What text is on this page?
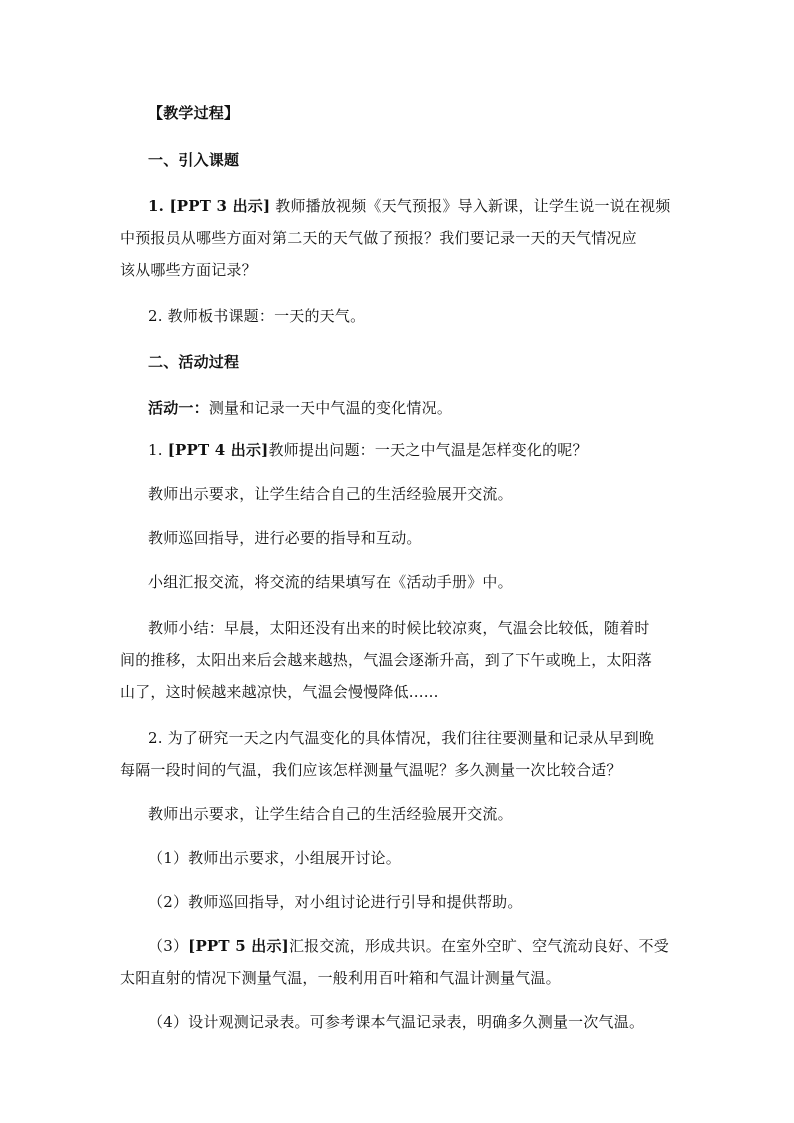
【教学过程】
一、引入课题
1. [PPT 3 出示] 教师播放视频《天气预报》导入新课，让学生说一说在视频
中预报员从哪些方面对第二天的天气做了预报？我们要记录一天的天气情况应
该从哪些方面记录？
2. 教师板书课题：一天的天气。
二、活动过程
活动一：测量和记录一天中气温的变化情况。
1. [PPT 4 出示]教师提出问题：一天之中气温是怎样变化的呢？
教师出示要求，让学生结合自己的生活经验展开交流。
教师巡回指导，进行必要的指导和互动。
小组汇报交流，将交流的结果填写在《活动手册》中。
教师小结：早晨，太阳还没有出来的时候比较凉爽，气温会比较低，随着时
间的推移，太阳出来后会越来越热，气温会逐渐升高，到了下午或晚上，太阳落
山了，这时候越来越凉快，气温会慢慢降低......
2. 为了研究一天之内气温变化的具体情况，我们往往要测量和记录从早到晚
每隔一段时间的气温，我们应该怎样测量气温呢？多久测量一次比较合适？
教师出示要求，让学生结合自己的生活经验展开交流。
（1）教师出示要求，小组展开讨论。
（2）教师巡回指导，对小组讨论进行引导和提供帮助。
（3）[PPT 5 出示]汇报交流，形成共识。在室外空旷、空气流动良好、不受
太阳直射的情况下测量气温，一般利用百叶箱和气温计测量气温。
（4）设计观测记录表。可参考课本气温记录表，明确多久测量一次气温。
